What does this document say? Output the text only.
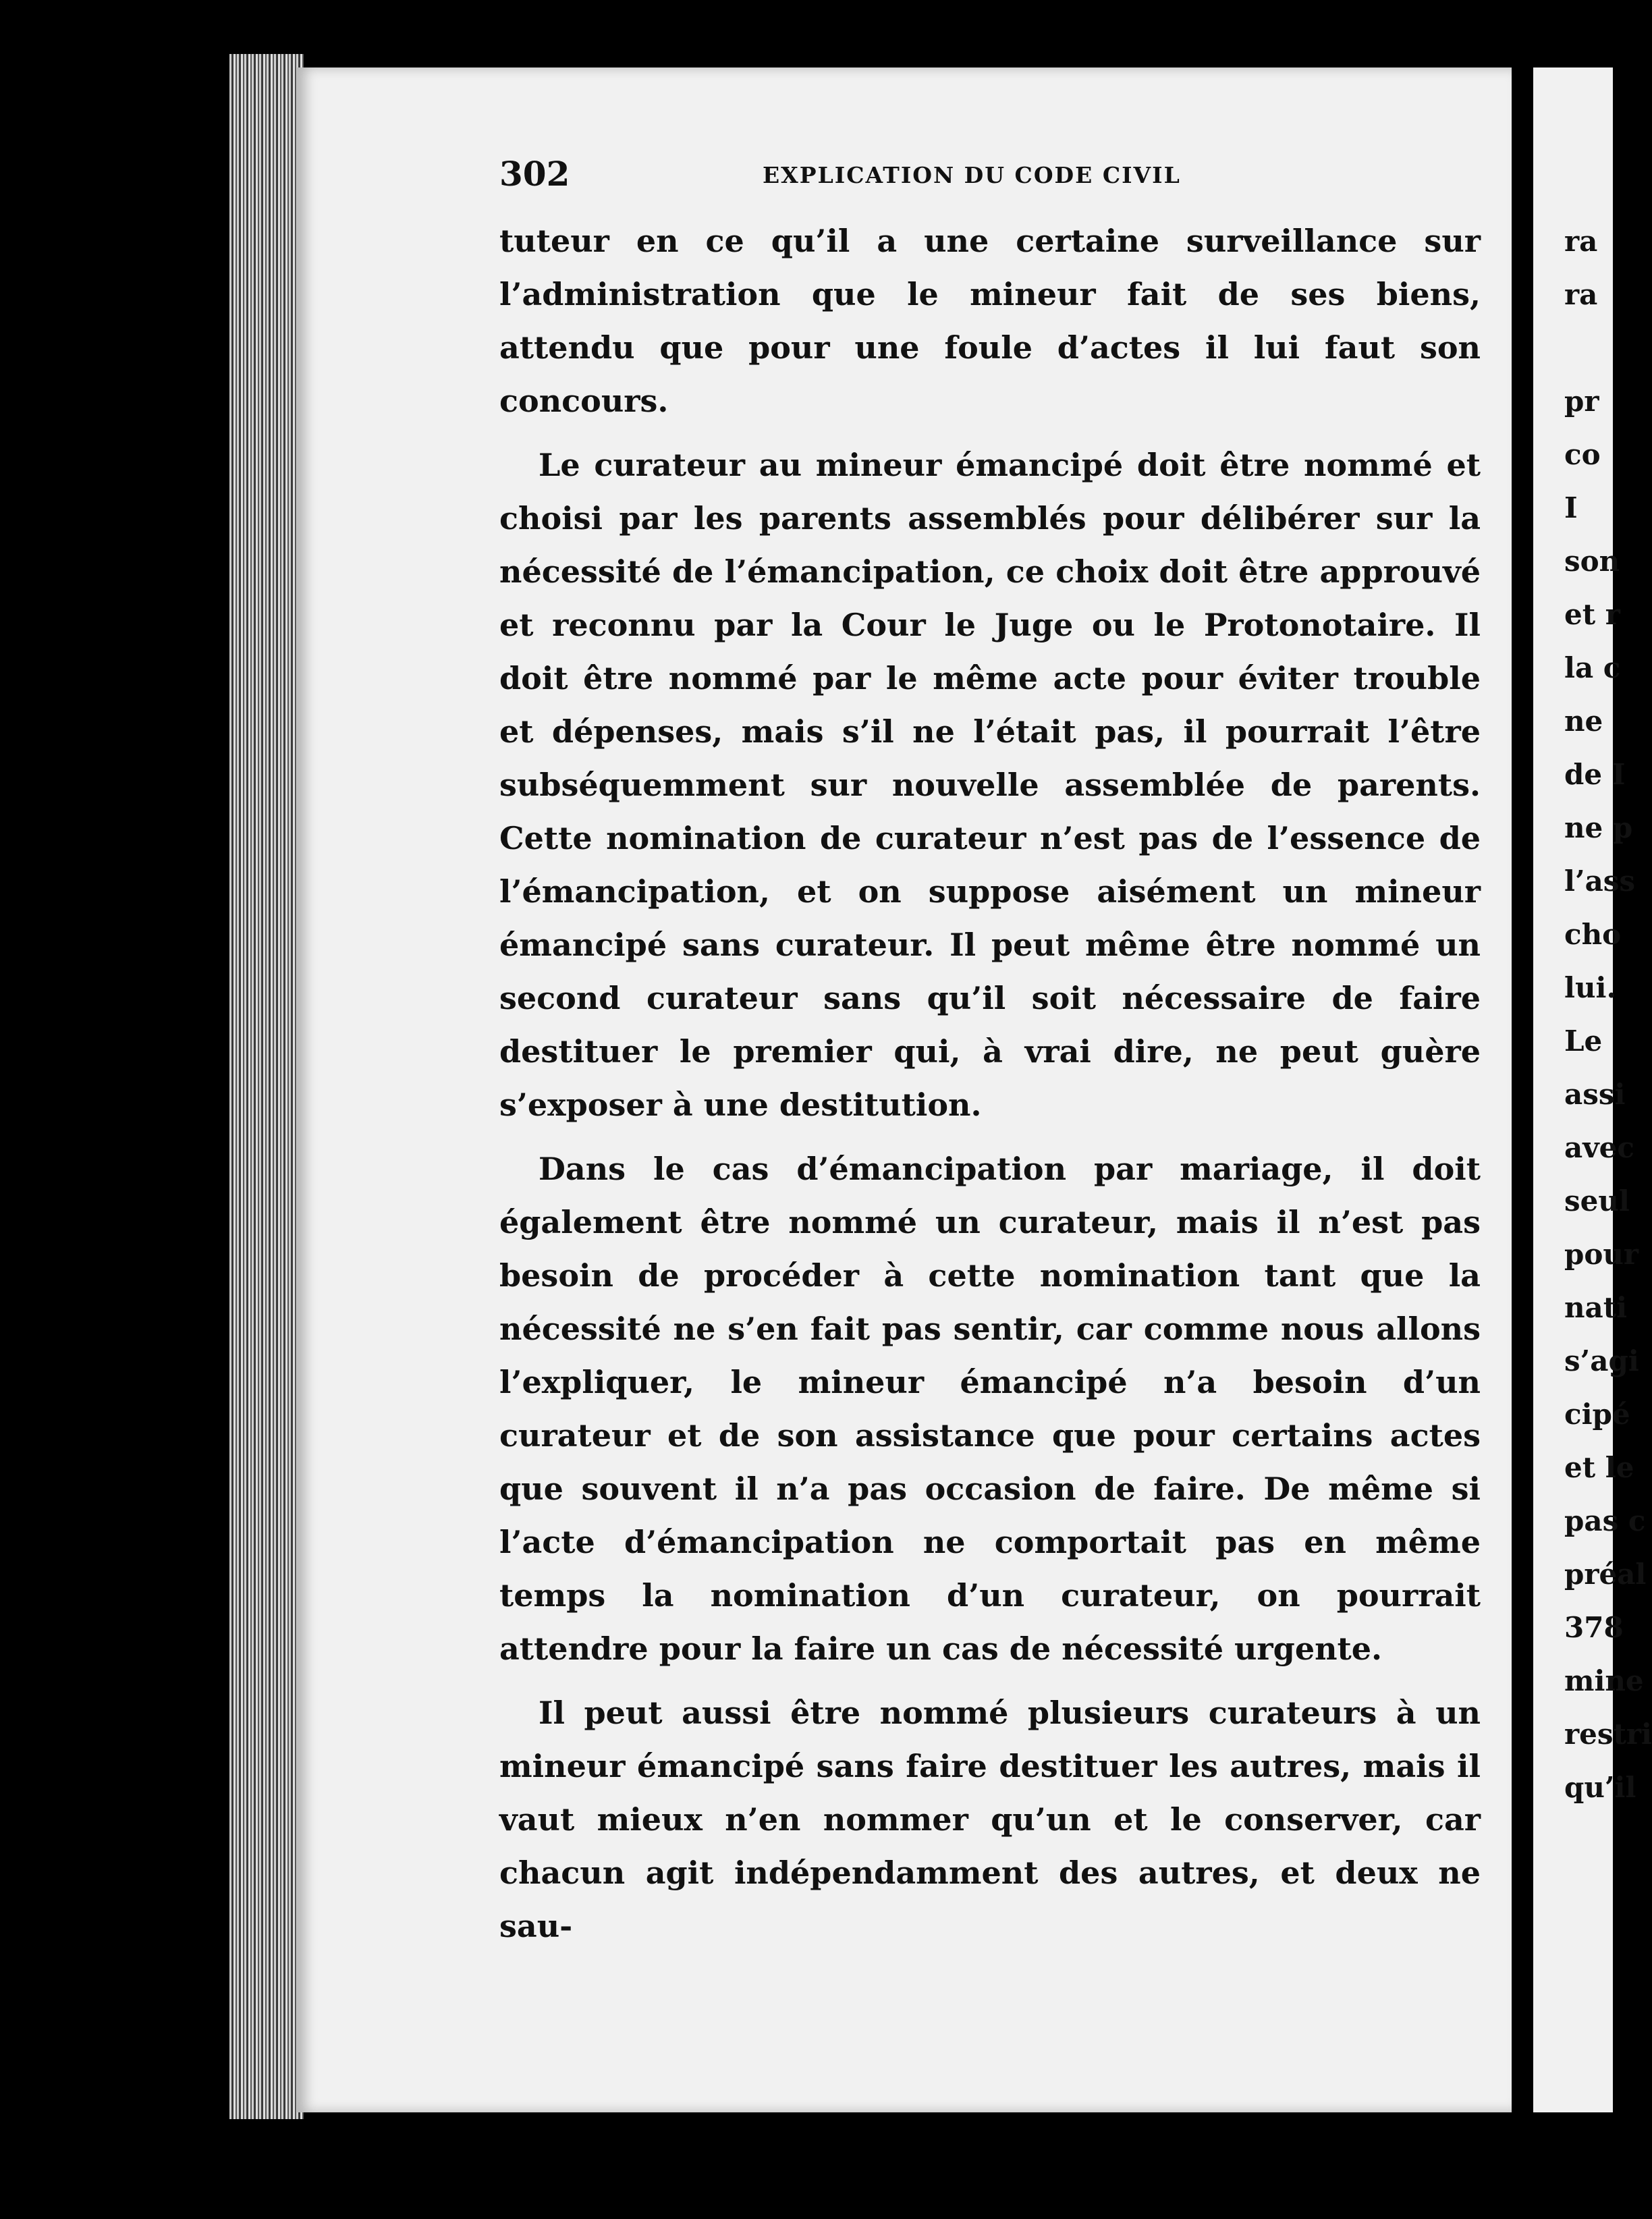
302	EXPLICATION DU CODE CIVIL

tuteur en ce qu’il a une certaine surveillance sur l’administration que le mineur fait de ses biens, attendu que pour une foule d’actes il lui faut son concours.

Le curateur au mineur émancipé doit être nommé et choisi par les parents assemblés pour délibérer sur la nécessité de l’émancipation, ce choix doit être approuvé et reconnu par la Cour le Juge ou le Protonotaire. Il doit être nommé par le même acte pour éviter trouble et dépenses, mais s’il ne l’était pas, il pourrait l’être subséquemment sur nouvelle assemblée de parents. Cette nomination de curateur n’est pas de l’essence de l’émancipation, et on suppose aisément un mineur émancipé sans curateur. Il peut même être nommé un second curateur sans qu’il soit nécessaire de faire destituer le premier qui, à vrai dire, ne peut guère s’exposer à une destitution.

Dans le cas d’émancipation par mariage, il doit également être nommé un curateur, mais il n’est pas besoin de procéder à cette nomination tant que la nécessité ne s’en fait pas sentir, car comme nous allons l’expliquer, le mineur émancipé n’a besoin d’un curateur et de son assistance que pour certains actes que souvent il n’a pas occasion de faire. De même si l’acte d’émancipation ne comportait pas en même temps la nomination d’un curateur, on pourrait attendre pour la faire un cas de nécessité urgente.

Il peut aussi être nommé plusieurs curateurs à un mineur émancipé sans faire destituer les autres, mais il vaut mieux n’en nommer qu’un et le conserver, car chacun agit indépendamment des autres, et deux ne sau-

ra
ra
pr
co
I
son
et r
la c
ne
de I
ne p
l’ass
cho
lui.
Le
assi
avec
seul
pour
nati
s’agi
cipé
et le
pas c
préal
378
mine
restri
qu’il
